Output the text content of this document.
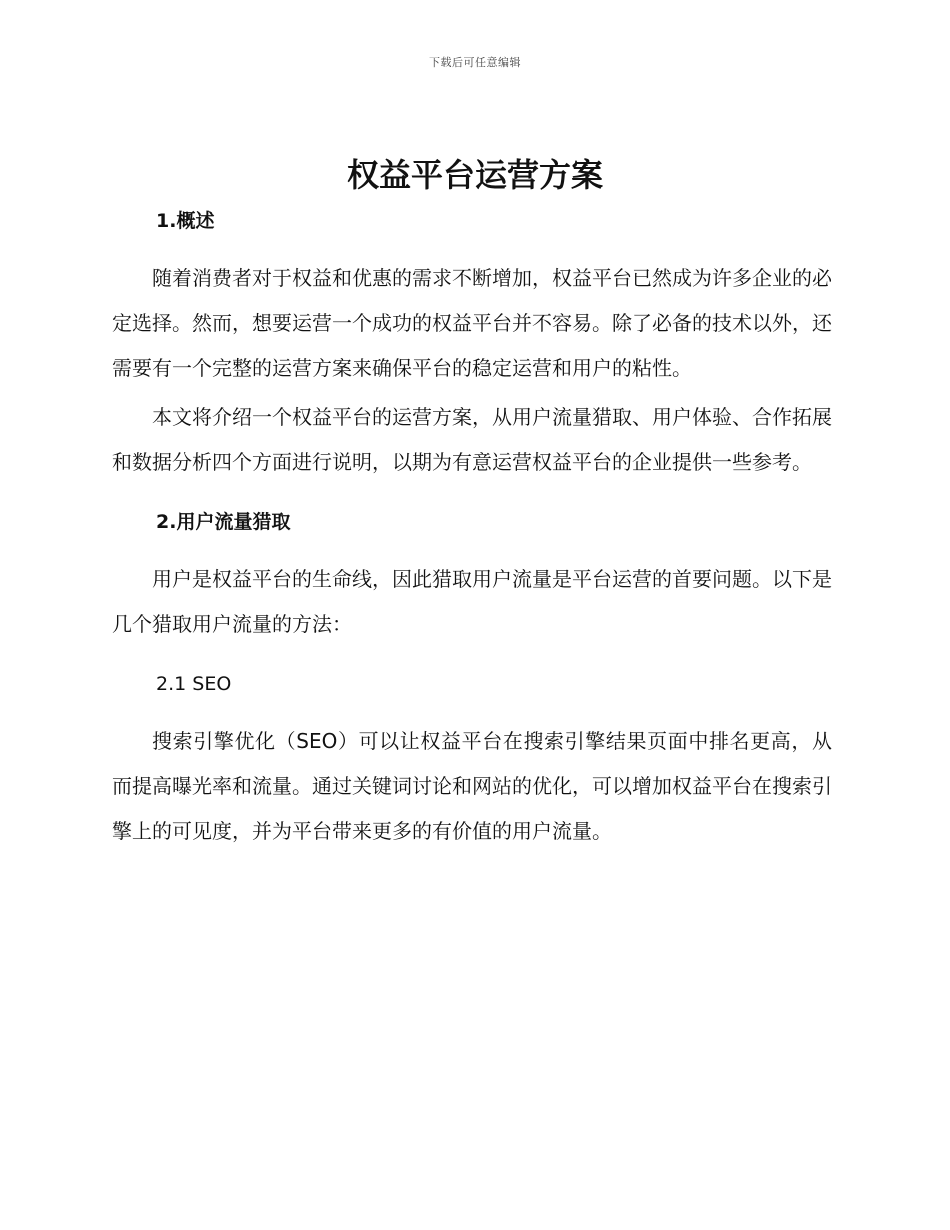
下载后可任意编辑
权益平台运营方案
1.概述

随着消费者对于权益和优惠的需求不断增加，权益平台已然成为许多企业的必定选择。然而，想要运营一个成功的权益平台并不容易。除了必备的技术以外，还需要有一个完整的运营方案来确保平台的稳定运营和用户的粘性。

本文将介绍一个权益平台的运营方案，从用户流量猎取、用户体验、合作拓展和数据分析四个方面进行说明，以期为有意运营权益平台的企业提供一些参考。

2.用户流量猎取

用户是权益平台的生命线，因此猎取用户流量是平台运营的首要问题。以下是几个猎取用户流量的方法：

2.1 SEO

搜索引擎优化（SEO）可以让权益平台在搜索引擎结果页面中排名更高，从而提高曝光率和流量。通过关键词讨论和网站的优化，可以增加权益平台在搜索引擎上的可见度，并为平台带来更多的有价值的用户流量。
